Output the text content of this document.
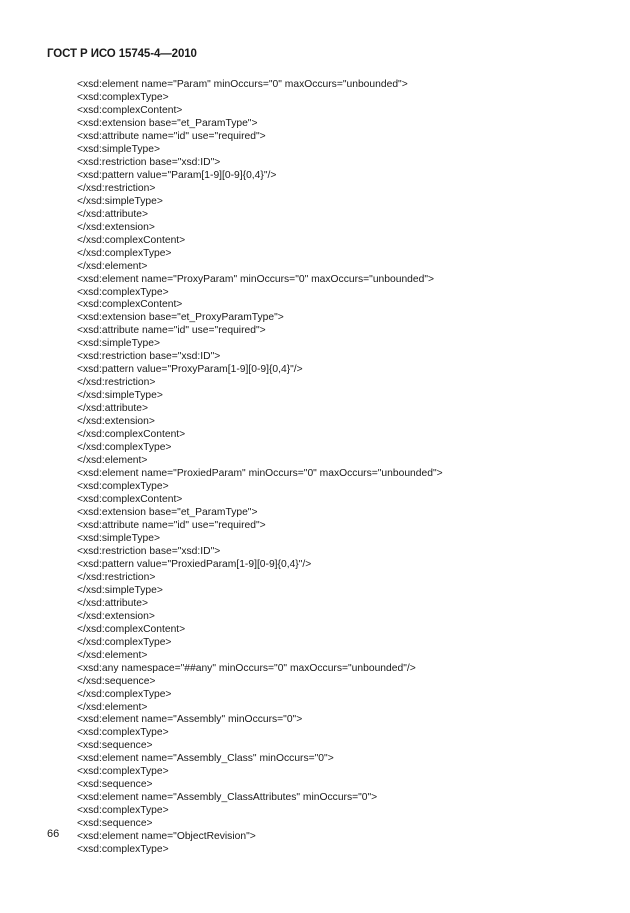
ГОСТ Р ИСО 15745-4—2010
<xsd:element name="Param" minOccurs="0" maxOccurs="unbounded">
<xsd:complexType>
<xsd:complexContent>
<xsd:extension base="et_ParamType">
<xsd:attribute name="id" use="required">
<xsd:simpleType>
<xsd:restriction base="xsd:ID">
<xsd:pattern value="Param[1-9][0-9]{0,4}"/>
</xsd:restriction>
</xsd:simpleType>
</xsd:attribute>
</xsd:extension>
</xsd:complexContent>
</xsd:complexType>
</xsd:element>
<xsd:element name="ProxyParam" minOccurs="0" maxOccurs="unbounded">
<xsd:complexType>
<xsd:complexContent>
<xsd:extension base="et_ProxyParamType">
<xsd:attribute name="id" use="required">
<xsd:simpleType>
<xsd:restriction base="xsd:ID">
<xsd:pattern value="ProxyParam[1-9][0-9]{0,4}"/>
</xsd:restriction>
</xsd:simpleType>
</xsd:attribute>
</xsd:extension>
</xsd:complexContent>
</xsd:complexType>
</xsd:element>
<xsd:element name="ProxiedParam" minOccurs="0" maxOccurs="unbounded">
<xsd:complexType>
<xsd:complexContent>
<xsd:extension base="et_ParamType">
<xsd:attribute name="id" use="required">
<xsd:simpleType>
<xsd:restriction base="xsd:ID">
<xsd:pattern value="ProxiedParam[1-9][0-9]{0,4}"/>
</xsd:restriction>
</xsd:simpleType>
</xsd:attribute>
</xsd:extension>
</xsd:complexContent>
</xsd:complexType>
</xsd:element>
<xsd:any namespace="##any" minOccurs="0" maxOccurs="unbounded"/>
</xsd:sequence>
</xsd:complexType>
</xsd:element>
<xsd:element name="Assembly" minOccurs="0">
<xsd:complexType>
<xsd:sequence>
<xsd:element name="Assembly_Class" minOccurs="0">
<xsd:complexType>
<xsd:sequence>
<xsd:element name="Assembly_ClassAttributes" minOccurs="0">
<xsd:complexType>
<xsd:sequence>
<xsd:element name="ObjectRevision">
<xsd:complexType>
66
